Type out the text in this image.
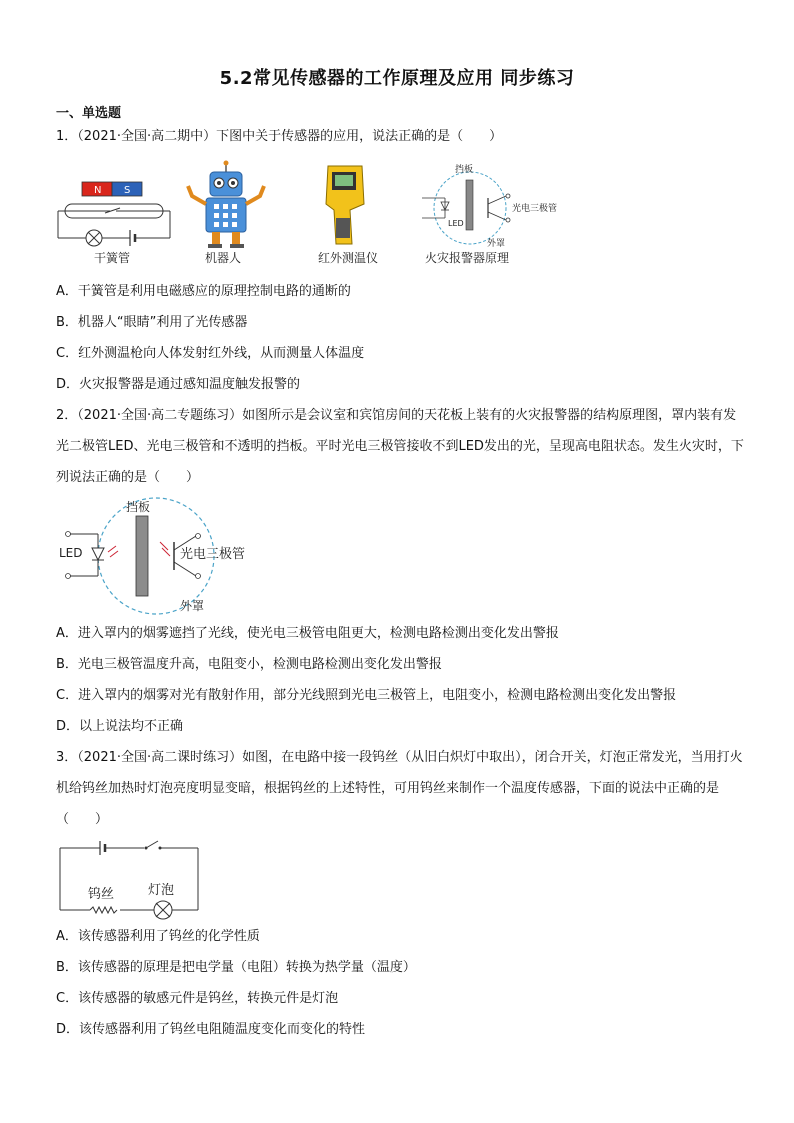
5.2常见传感器的工作原理及应用 同步练习
一、单选题
1．（2021·全国·高二期中）下图中关于传感器的应用，说法正确的是（　　）
N S
干簧管	机器人	红外测温仪
挡板
LED
光电三极管
外罩
火灾报警器原理
A．干簧管是利用电磁感应的原理控制电路的通断的
B．机器人“眼睛”利用了光传感器
C．红外测温枪向人体发射红外线，从而测量人体温度
D．火灾报警器是通过感知温度触发报警的
2．（2021·全国·高二专题练习）如图所示是会议室和宾馆房间的天花板上装有的火灾报警器的结构原理图，罩内装有发光二极管LED、光电三极管和不透明的挡板。平时光电三极管接收不到LED发出的光，呈现高电阻状态。发生火灾时，下列说法正确的是（　　）
挡板
LED	光电三极管
外罩
A．进入罩内的烟雾遮挡了光线，使光电三极管电阻更大，检测电路检测出变化发出警报
B．光电三极管温度升高，电阻变小，检测电路检测出变化发出警报
C．进入罩内的烟雾对光有散射作用，部分光线照到光电三极管上，电阻变小，检测电路检测出变化发出警报
D．以上说法均不正确
3．（2021·全国·高二课时练习）如图，在电路中接一段钨丝（从旧白炽灯中取出），闭合开关，灯泡正常发光，当用打火机给钨丝加热时灯泡亮度明显变暗，根据钨丝的上述特性，可用钨丝来制作一个温度传感器，下面的说法中正确的是（　　）
钨丝	灯泡
A．该传感器利用了钨丝的化学性质
B．该传感器的原理是把电学量（电阻）转换为热学量（温度）
C．该传感器的敏感元件是钨丝，转换元件是灯泡
D．该传感器利用了钨丝电阻随温度变化而变化的特性
